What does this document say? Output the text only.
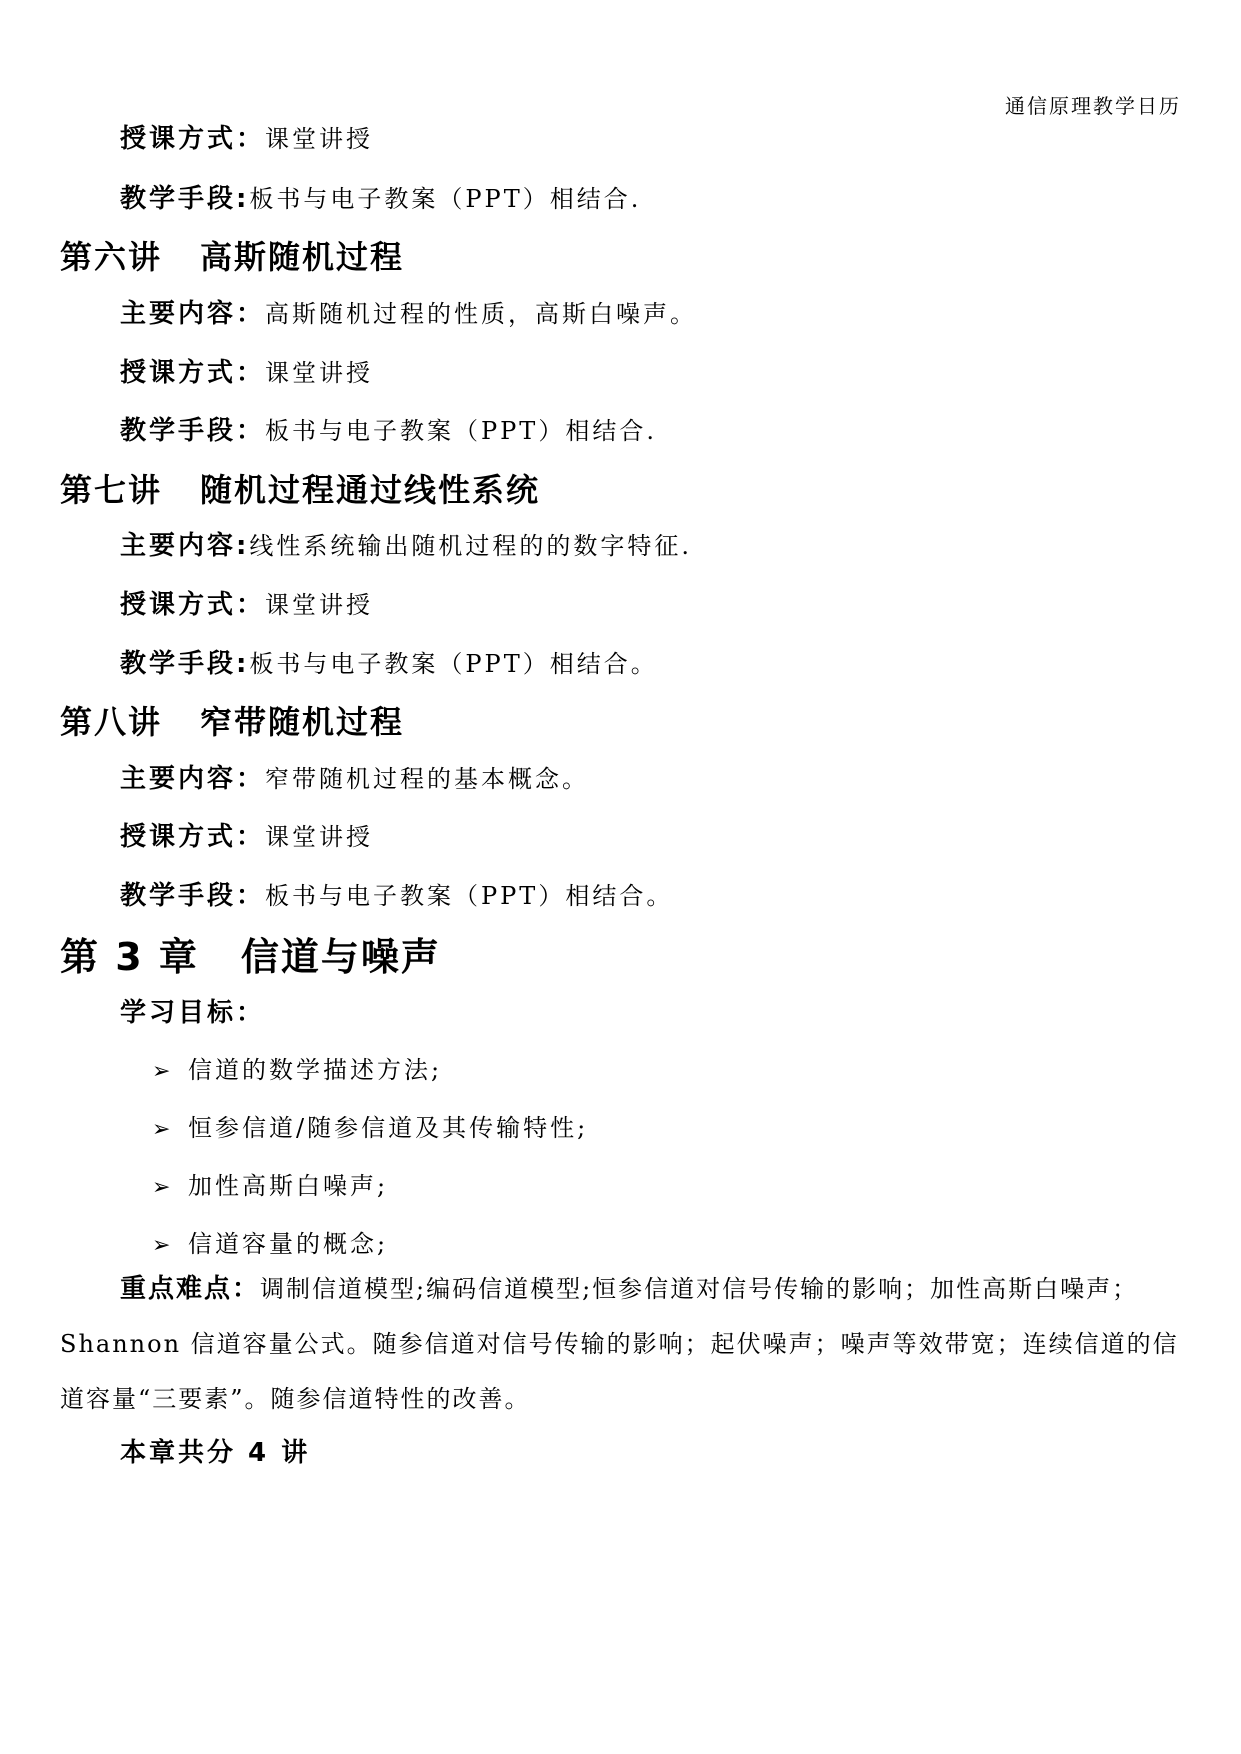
通信原理教学日历
授课方式：课堂讲授
教学手段:板书与电子教案（PPT）相结合.
第六讲 高斯随机过程
主要内容：高斯随机过程的性质，高斯白噪声。
授课方式：课堂讲授
教学手段：板书与电子教案（PPT）相结合.
第七讲 随机过程通过线性系统
主要内容:线性系统输出随机过程的的数字特征.
授课方式：课堂讲授
教学手段:板书与电子教案（PPT）相结合。
第八讲 窄带随机过程
主要内容：窄带随机过程的基本概念。
授课方式：课堂讲授
教学手段：板书与电子教案（PPT）相结合。
第 3 章 信道与噪声
学习目标：
➢ 信道的数学描述方法;
➢ 恒参信道/随参信道及其传输特性;
➢ 加性高斯白噪声;
➢ 信道容量的概念;
重点难点：调制信道模型;编码信道模型;恒参信道对信号传输的影响；加性高斯白噪声；Shannon 信道容量公式。随参信道对信号传输的影响；起伏噪声；噪声等效带宽；连续信道的信道容量“三要素”。随参信道特性的改善。
本章共分 4 讲
